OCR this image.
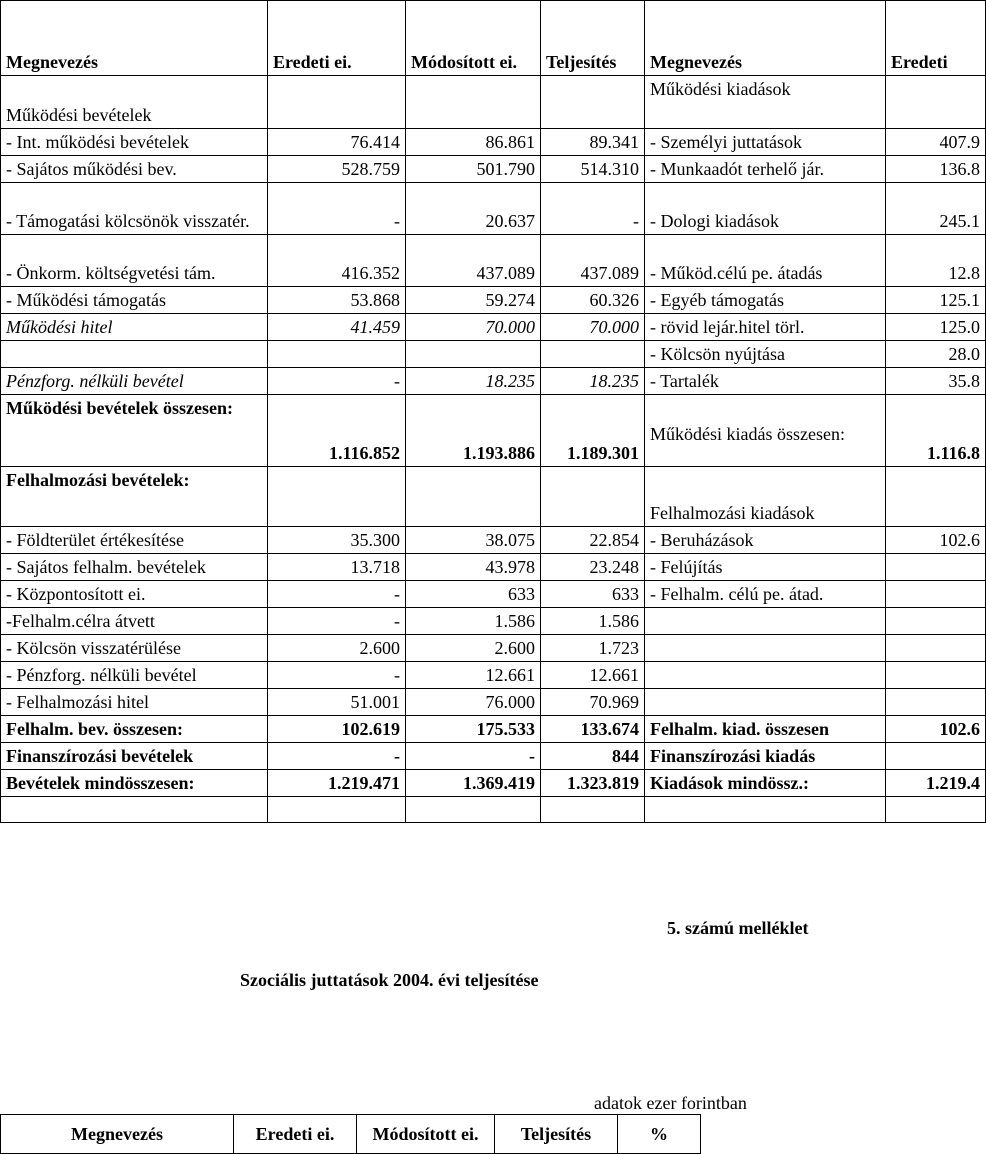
Megnevezés	Eredeti ei.	Módosított ei.	Teljesítés	Megnevezés	Eredeti
Működési bevételek				Működési kiadások	
- Int. működési bevételek	76.414	86.861	89.341	- Személyi juttatások	407.9
- Sajátos működési bev.	528.759	501.790	514.310	- Munkaadót terhelő jár.	136.8
- Támogatási kölcsönök visszatér.	-	20.637	-	- Dologi kiadások	245.1
- Önkorm. költségvetési tám.	416.352	437.089	437.089	- Működ.célú pe. átadás	12.8
- Működési támogatás	53.868	59.274	60.326	- Egyéb támogatás	125.1
Működési hitel	41.459	70.000	70.000	- rövid lejár.hitel törl.	125.0
				- Kölcsön nyújtása	28.0
Pénzforg. nélküli bevétel	-	18.235	18.235	- Tartalék	35.8
Működési bevételek összesen:	1.116.852	1.193.886	1.189.301	Működési kiadás összesen:	1.116.8
Felhalmozási bevételek:				Felhalmozási kiadások	
- Földterület értékesítése	35.300	38.075	22.854	- Beruházások	102.6
- Sajátos felhalm. bevételek	13.718	43.978	23.248	- Felújítás	
- Központosított ei.	-	633	633	- Felhalm. célú pe. átad.	
-Felhalm.célra átvett	-	1.586	1.586		
- Kölcsön visszatérülése	2.600	2.600	1.723		
- Pénzforg. nélküli bevétel	-	12.661	12.661		
- Felhalmozási hitel	51.001	76.000	70.969		
Felhalm. bev. összesen:	102.619	175.533	133.674	Felhalm. kiad. összesen	102.6
Finanszírozási bevételek	-	-	844	Finanszírozási kiadás	
Bevételek mindösszesen:	1.219.471	1.369.419	1.323.819	Kiadások mindössz.:	1.219.4

5. számú melléklet
Szociális juttatások 2004. évi teljesítése
adatok ezer forintban
Megnevezés	Eredeti ei.	Módosított ei.	Teljesítés	%
